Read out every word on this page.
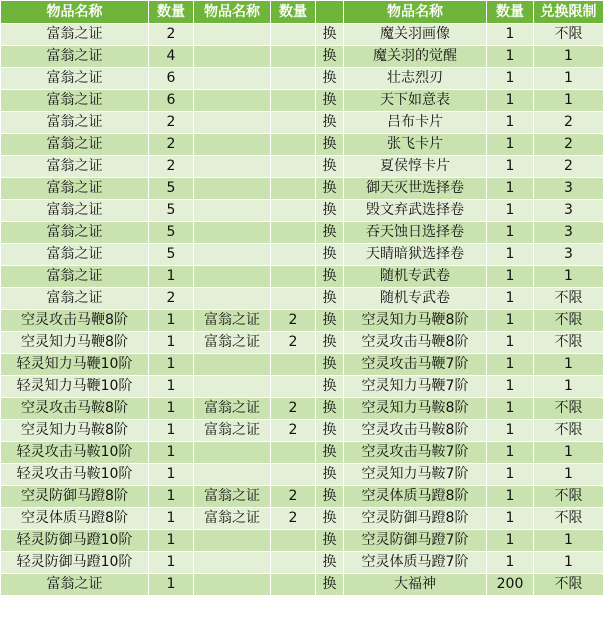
物品名称	数量	物品名称	数量		物品名称	数量	兑换限制
富翁之证	2			换	魔关羽画像	1	不限
富翁之证	4			换	魔关羽的觉醒	1	1
富翁之证	6			换	壮志烈刃	1	1
富翁之证	6			换	天下如意表	1	1
富翁之证	2			换	吕布卡片	1	2
富翁之证	2			换	张飞卡片	1	2
富翁之证	2			换	夏侯惇卡片	1	2
富翁之证	5			换	御天灭世选择卷	1	3
富翁之证	5			换	毁文弃武选择卷	1	3
富翁之证	5			换	吞天蚀日选择卷	1	3
富翁之证	5			换	天睛暗狱选择卷	1	3
富翁之证	1			换	随机专武卷	1	1
富翁之证	2			换	随机专武卷	1	不限
空灵攻击马鞭8阶	1	富翁之证	2	换	空灵知力马鞭8阶	1	不限
空灵知力马鞭8阶	1	富翁之证	2	换	空灵攻击马鞭8阶	1	不限
轻灵知力马鞭10阶	1			换	空灵攻击马鞭7阶	1	1
轻灵知力马鞭10阶	1			换	空灵知力马鞭7阶	1	1
空灵攻击马鞍8阶	1	富翁之证	2	换	空灵知力马鞍8阶	1	不限
空灵知力马鞍8阶	1	富翁之证	2	换	空灵攻击马鞍8阶	1	不限
轻灵攻击马鞍10阶	1			换	空灵攻击马鞍7阶	1	1
轻灵攻击马鞍10阶	1			换	空灵知力马鞍7阶	1	1
空灵防御马蹬8阶	1	富翁之证	2	换	空灵体质马蹬8阶	1	不限
空灵体质马蹬8阶	1	富翁之证	2	换	空灵防御马蹬8阶	1	不限
轻灵防御马蹬10阶	1			换	空灵防御马蹬7阶	1	1
轻灵防御马蹬10阶	1			换	空灵体质马蹬7阶	1	1
富翁之证	1			换	大福神	200	不限
